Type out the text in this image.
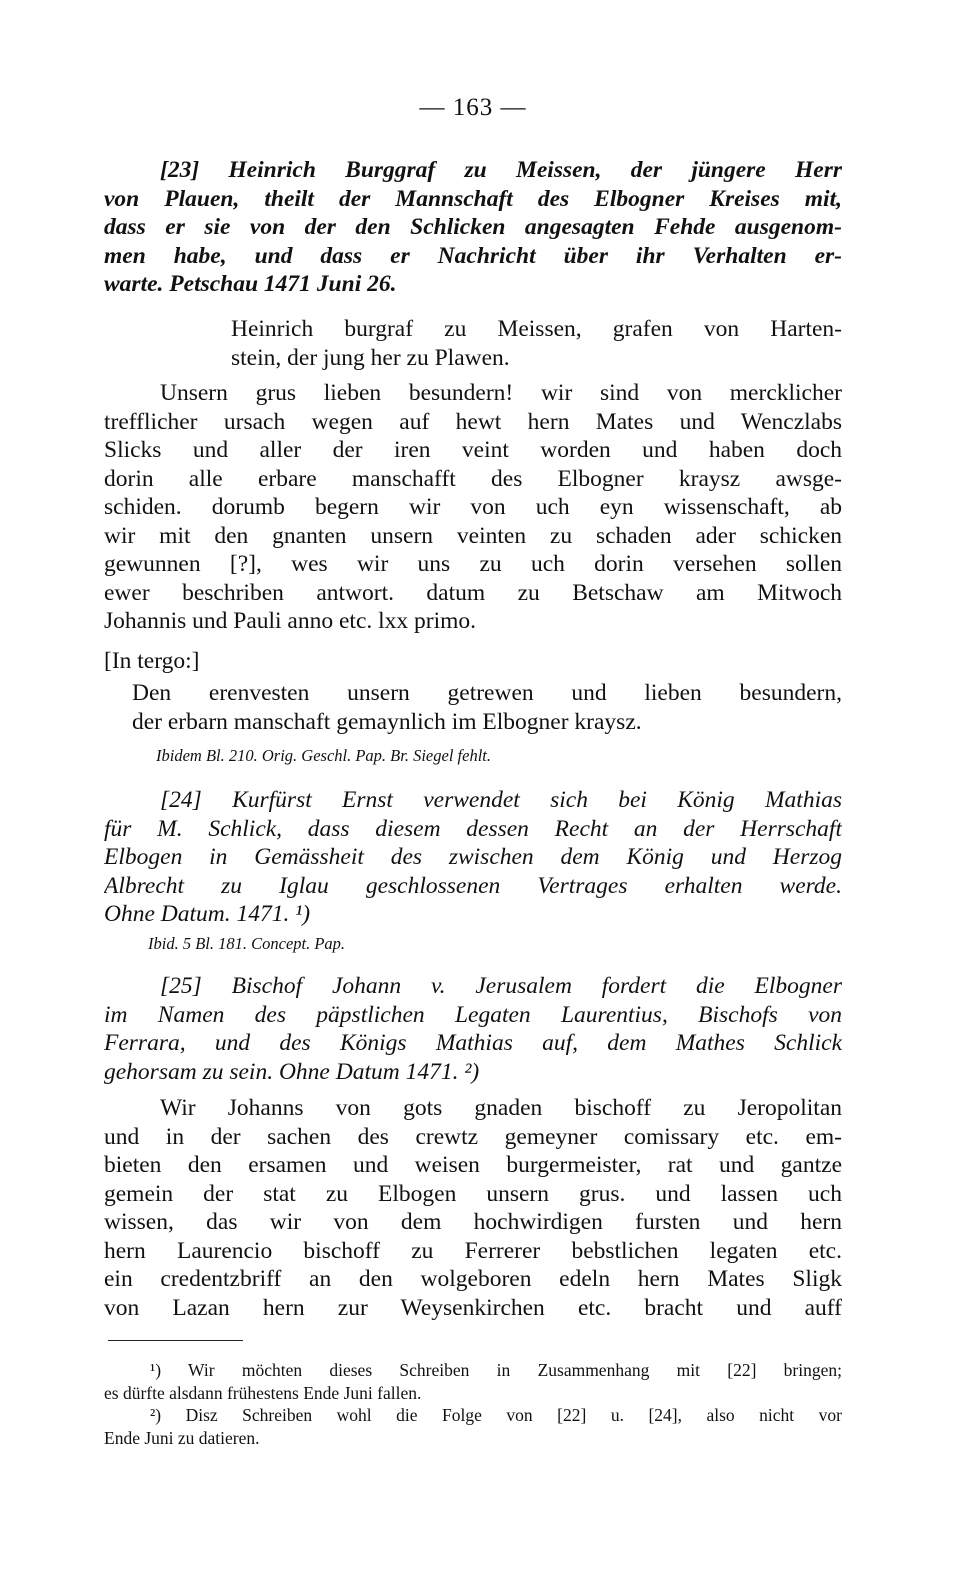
— 163 —
[23] Heinrich Burggraf zu Meissen, der jüngere Herr
von Plauen, theilt der Mannschaft des Elbogner Kreises mit,
dass er sie von der den Schlicken angesagten Fehde ausgenom-
men habe, und dass er Nachricht über ihr Verhalten er-
warte. Petschau 1471 Juni 26.
Heinrich burgraf zu Meissen, grafen von Harten-
stein, der jung her zu Plawen.
Unsern grus lieben besundern! wir sind von mercklicher
treffliсher ursach wegen auf hewt hern Mates und Wenczlabs
Slicks und aller der iren veint worden und haben doch
dorin alle erbare manschafft des Elbogner kraysz awsge-
schiden. dorumb begern wir von uch eyn wissenschaft, ab
wir mit den gnanten unsern veinten zu schaden ader schicken
gewunnen [?], wes wir uns zu uch dorin versehen sollen
ewer beschriben antwort. datum zu Betschaw am Mitwoch
Johannis und Pauli anno etc. lxx primo.
[In tergo:]
Den erenvesten unsern getrewen und lieben besundern,
der erbarn manschaft gemaynlich im Elbogner kraysz.
Ibidem Bl. 210. Orig. Geschl. Pap. Br. Siegel fehlt.
[24] Kurfürst Ernst verwendet sich bei König Mathias
für M. Schlick, dass diesem dessen Recht an der Herrschaft
Elbogen in Gemässheit des zwischen dem König und Herzog
Albrecht zu Iglau geschlossenen Vertrages erhalten werde.
Ohne Datum. 1471. ¹)
Ibid. 5 Bl. 181. Concept. Pap.
[25] Bischof Johann v. Jerusalem fordert die Elbogner
im Namen des päpstlichen Legaten Laurentius, Bischofs von
Ferrara, und des Königs Mathias auf, dem Mathes Schlick
gehorsam zu sein. Ohne Datum 1471. ²)
Wir Johanns von gots gnaden bischoff zu Jeropolitan
und in der sachen des crewtz gemeyner comissary etc. em-
bieten den ersamen und weisen burgermeister, rat und gantze
gemein der stat zu Elbogen unsern grus. und lassen uch
wissen, das wir von dem hochwirdigen fursten und hern
hern Laurencio bischoff zu Ferrerer bebstlichen legaten etc.
ein credentzbriff an den wolgeboren edeln hern Mates Sligk
von Lazan hern zur Weysenkirchen etc. bracht und auff
¹) Wir möchten dieses Schreiben in Zusammenhang mit [22] bringen;
es dürfte alsdann frühestens Ende Juni fallen.
²) Disz Schreiben wohl die Folge von [22] u. [24], also nicht vor
Ende Juni zu datieren.
